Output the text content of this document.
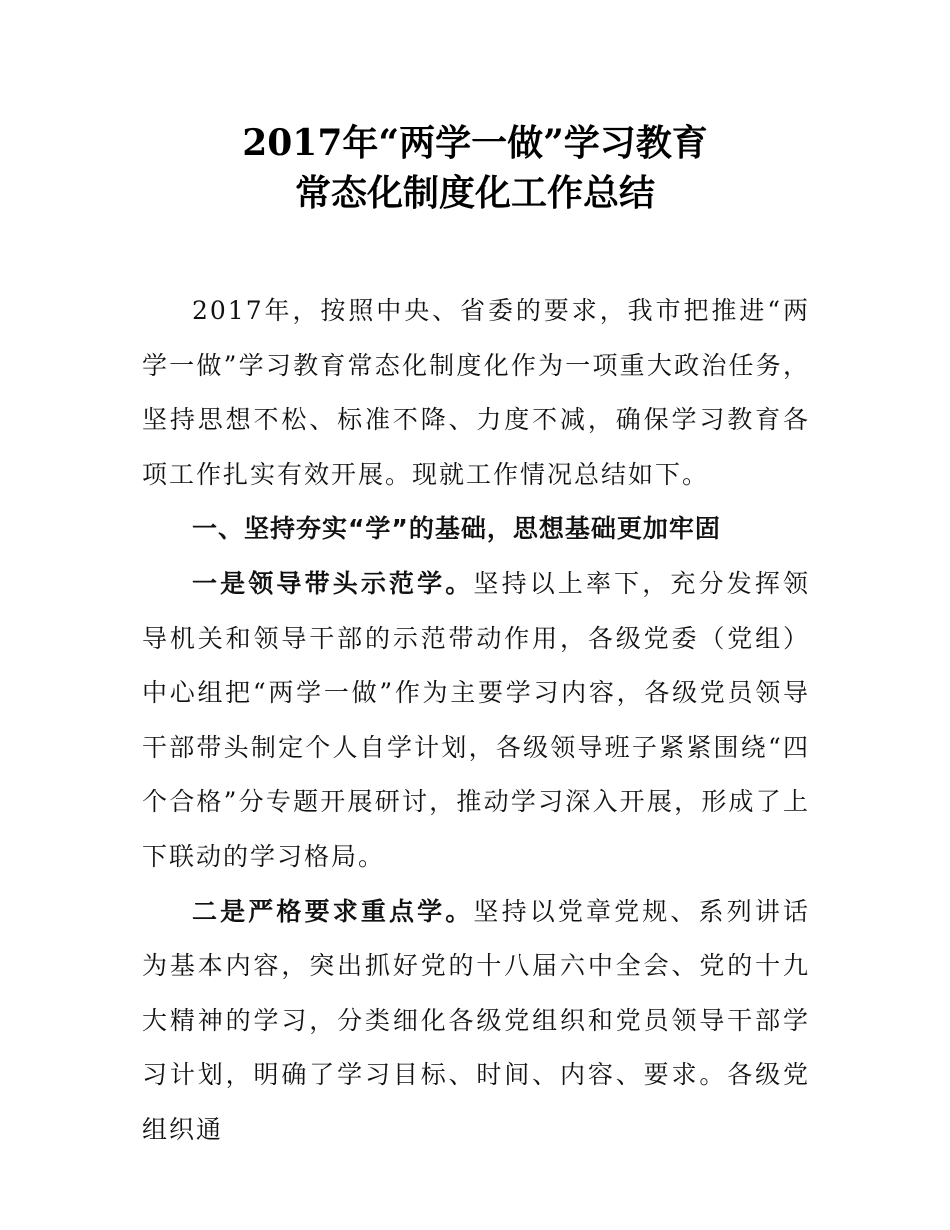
2017年“两学一做”学习教育
常态化制度化工作总结

2017年，按照中央、省委的要求，我市把推进“两学一做”学习教育常态化制度化作为一项重大政治任务，坚持思想不松、标准不降、力度不减，确保学习教育各项工作扎实有效开展。现就工作情况总结如下。

一、坚持夯实“学”的基础，思想基础更加牢固

一是领导带头示范学。坚持以上率下，充分发挥领导机关和领导干部的示范带动作用，各级党委（党组）中心组把“两学一做”作为主要学习内容，各级党员领导干部带头制定个人自学计划，各级领导班子紧紧围绕“四个合格”分专题开展研讨，推动学习深入开展，形成了上下联动的学习格局。

二是严格要求重点学。坚持以党章党规、系列讲话为基本内容，突出抓好党的十八届六中全会、党的十九大精神的学习，分类细化各级党组织和党员领导干部学习计划，明确了学习目标、时间、内容、要求。各级党组织通
